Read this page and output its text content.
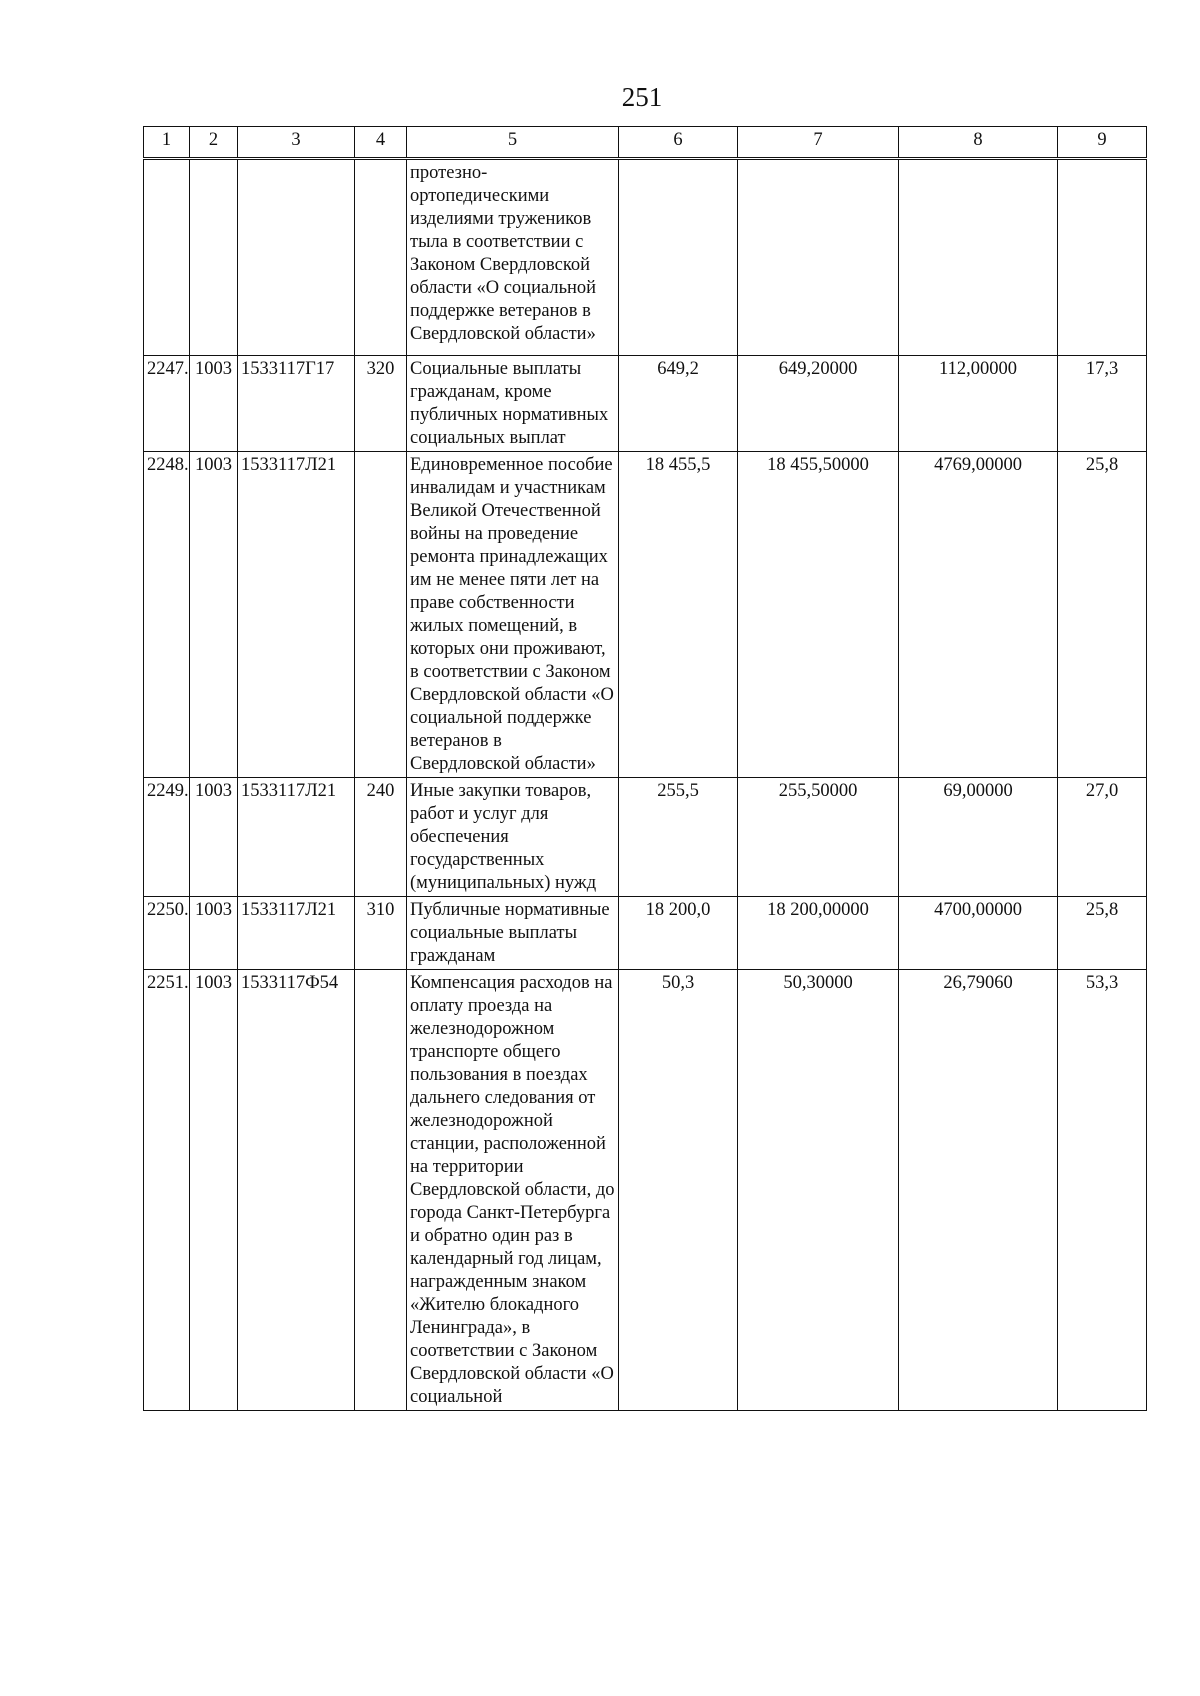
251
1	2	3	4	5	6	7	8	9
				протезно-ортопедическими изделиями тружеников тыла в соответствии с Законом Свердловской области «О социальной поддержке ветеранов в Свердловской области»				
2247.	1003	1533117Г17	320	Социальные выплаты гражданам, кроме публичных нормативных социальных выплат	649,2	649,20000	112,00000	17,3
2248.	1003	1533117Л21		Единовременное пособие инвалидам и участникам Великой Отечественной войны на проведение ремонта принадлежащих им не менее пяти лет на праве собственности жилых помещений, в которых они проживают, в соответствии с Законом Свердловской области «О социальной поддержке ветеранов в Свердловской области»	18 455,5	18 455,50000	4769,00000	25,8
2249.	1003	1533117Л21	240	Иные закупки товаров, работ и услуг для обеспечения государственных (муниципальных) нужд	255,5	255,50000	69,00000	27,0
2250.	1003	1533117Л21	310	Публичные нормативные социальные выплаты гражданам	18 200,0	18 200,00000	4700,00000	25,8
2251.	1003	1533117Ф54		Компенсация расходов на оплату проезда на железнодорожном транспорте общего пользования в поездах дальнего следования от железнодорожной станции, расположенной на территории Свердловской области, до города Санкт-Петербурга и обратно один раз в календарный год лицам, награжденным знаком «Жителю блокадного Ленинграда», в соответствии с Законом Свердловской области «О социальной	50,3	50,30000	26,79060	53,3
